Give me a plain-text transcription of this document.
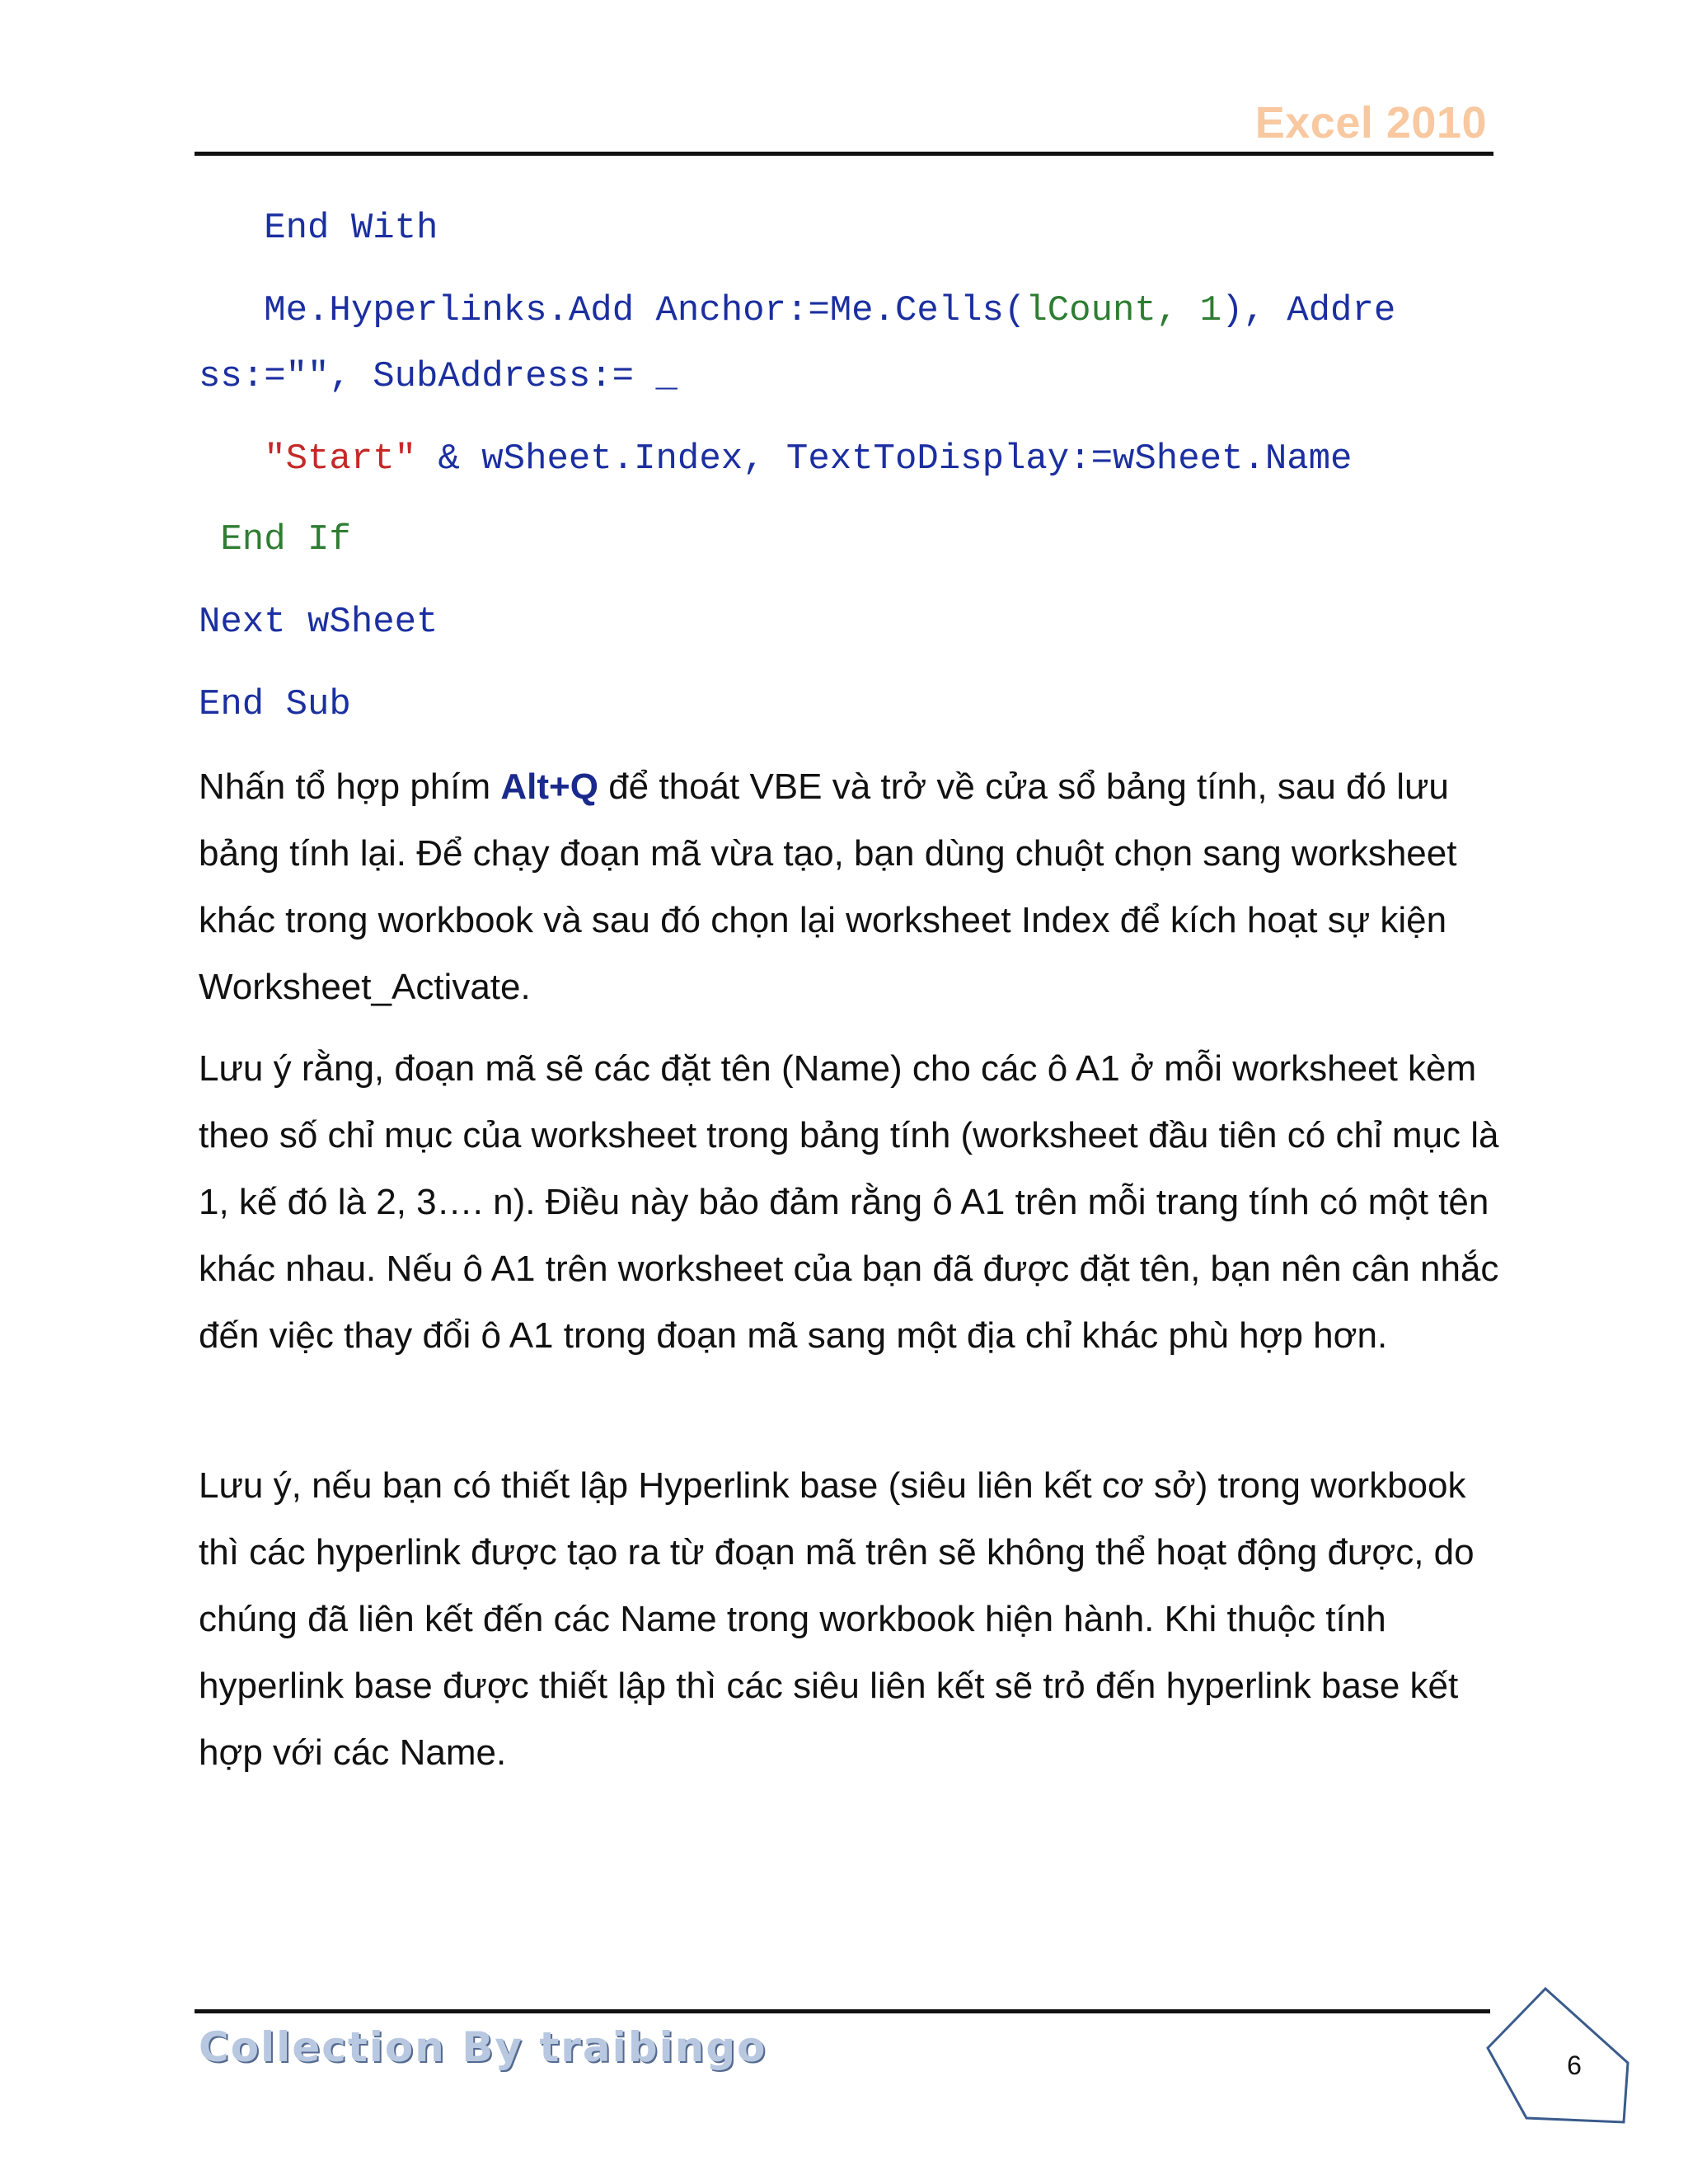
Excel 2010
End With
Me.Hyperlinks.Add Anchor:=Me.Cells(lCount, 1), Addre
ss:="", SubAddress:= _
"Start" & wSheet.Index, TextToDisplay:=wSheet.Name
End If
Next wSheet
End Sub
Nhấn tổ hợp phím Alt+Q để thoát VBE và trở về cửa sổ bảng tính, sau đó lưu bảng tính lại. Để chạy đoạn mã vừa tạo, bạn dùng chuột chọn sang worksheet khác trong workbook và sau đó chọn lại worksheet Index để kích hoạt sự kiện Worksheet_Activate.
Lưu ý rằng, đoạn mã sẽ các đặt tên (Name) cho các ô A1 ở mỗi worksheet kèm theo số chỉ mục của worksheet trong bảng tính (worksheet đầu tiên có chỉ mục là 1, kế đó là 2, 3…. n). Điều này bảo đảm rằng ô A1 trên mỗi trang tính có một tên khác nhau. Nếu ô A1 trên worksheet của bạn đã được đặt tên, bạn nên cân nhắc đến việc thay đổi ô A1 trong đoạn mã sang một địa chỉ khác phù hợp hơn.
Lưu ý, nếu bạn có thiết lập Hyperlink base (siêu liên kết cơ sở) trong workbook thì các hyperlink được tạo ra từ đoạn mã trên sẽ không thể hoạt động được, do chúng đã liên kết đến các Name trong workbook hiện hành. Khi thuộc tính hyperlink base được thiết lập thì các siêu liên kết sẽ trỏ đến hyperlink base kết hợp với các Name.
Collection By traibingo	6
